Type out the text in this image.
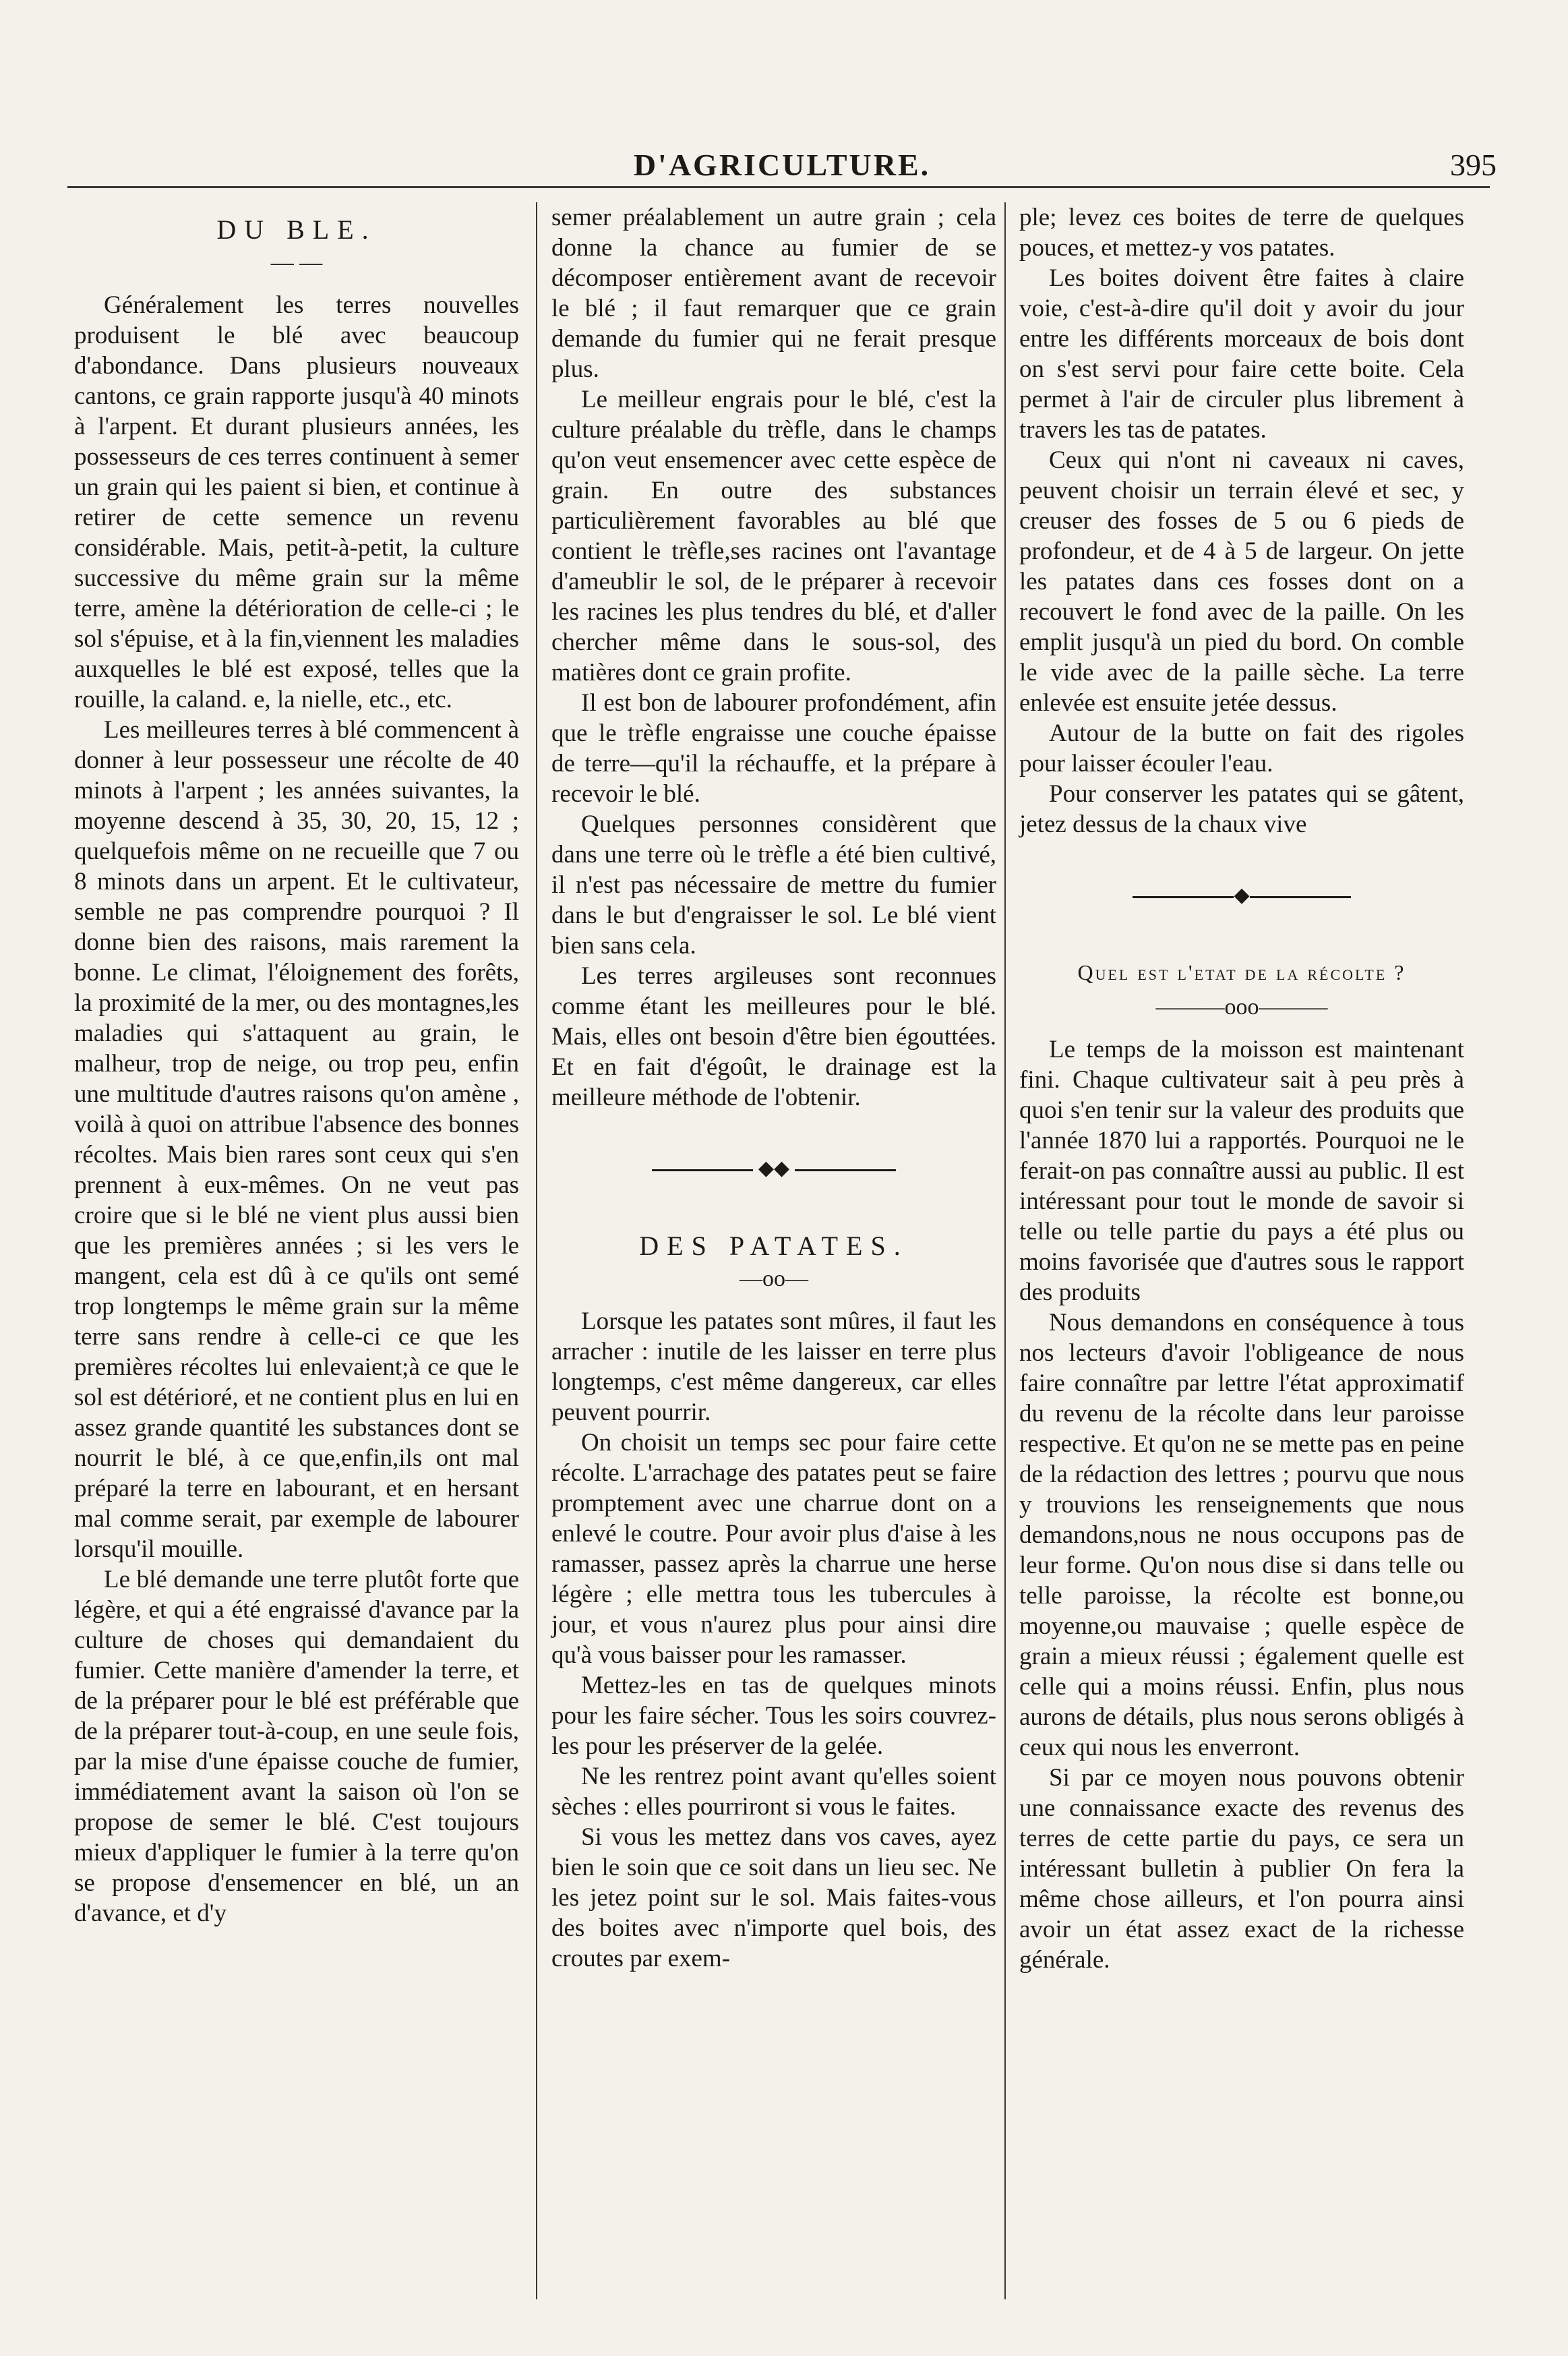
D'AGRICULTURE.	395
DU BLE.
— —

Généralement les terres nouvelles produisent le blé avec beaucoup d'abondance. Dans plusieurs nouveaux cantons, ce grain rapporte jusqu'à 40 minots à l'arpent. Et durant plusieurs années, les possesseurs de ces terres continuent à semer un grain qui les paient si bien, et continue à retirer de cette semence un revenu considérable. Mais, petit-à-petit, la culture successive du même grain sur la même terre, amène la détérioration de celle-ci ; le sol s'épuise, et à la fin,viennent les maladies auxquelles le blé est exposé, telles que la rouille, la caland. e, la nielle, etc., etc.

Les meilleures terres à blé commencent à donner à leur possesseur une récolte de 40 minots à l'arpent ; les années suivantes, la moyenne descend à 35, 30, 20, 15, 12 ; quelquefois même on ne recueille que 7 ou 8 minots dans un arpent. Et le cultivateur, semble ne pas comprendre pourquoi ? Il donne bien des raisons, mais rarement la bonne. Le climat, l'éloignement des forêts, la proximité de la mer, ou des montagnes,les maladies qui s'attaquent au grain, le malheur, trop de neige, ou trop peu, enfin une multitude d'autres raisons qu'on amène , voilà à quoi on attribue l'absence des bonnes récoltes. Mais bien rares sont ceux qui s'en prennent à eux-mêmes. On ne veut pas croire que si le blé ne vient plus aussi bien que les premières années ; si les vers le mangent, cela est dû à ce qu'ils ont semé trop longtemps le même grain sur la même terre sans rendre à celle-ci ce que les premières récoltes lui enlevaient;à ce que le sol est détérioré, et ne contient plus en lui en assez grande quantité les substances dont se nourrit le blé, à ce que,enfin,ils ont mal préparé la terre en labourant, et en hersant mal comme serait, par exemple de labourer lorsqu'il mouille.

Le blé demande une terre plutôt forte que légère, et qui a été engraissé d'avance par la culture de choses qui demandaient du fumier. Cette manière d'amender la terre, et de la préparer pour le blé est préférable que de la préparer tout-à-coup, en une seule fois, par la mise d'une épaisse couche de fumier, immédiatement avant la saison où l'on se propose de semer le blé. C'est toujours mieux d'appliquer le fumier à la terre qu'on se propose d'ensemencer en blé, un an d'avance, et d'y

semer préalablement un autre grain ; cela donne la chance au fumier de se décomposer entièrement avant de recevoir le blé ; il faut remarquer que ce grain demande du fumier qui ne ferait presque plus.

Le meilleur engrais pour le blé, c'est la culture préalable du trèfle, dans le champs qu'on veut ensemencer avec cette espèce de grain. En outre des substances particulièrement favorables au blé que contient le trèfle,ses racines ont l'avantage d'ameublir le sol, de le préparer à recevoir les racines les plus tendres du blé, et d'aller chercher même dans le sous-sol, des matières dont ce grain profite.

Il est bon de labourer profondément, afin que le trèfle engraisse une couche épaisse de terre—qu'il la réchauffe, et la prépare à recevoir le blé.

Quelques personnes considèrent que dans une terre où le trèfle a été bien cultivé, il n'est pas nécessaire de mettre du fumier dans le but d'engraisser le sol. Le blé vient bien sans cela.

Les terres argileuses sont reconnues comme étant les meilleures pour le blé. Mais, elles ont besoin d'être bien égouttées. Et en fait d'égoût, le drainage est la meilleure méthode de l'obtenir.

◆◆
DES PATATES.
—oo—

Lorsque les patates sont mûres, il faut les arracher : inutile de les laisser en terre plus longtemps, c'est même dangereux, car elles peuvent pourrir.

On choisit un temps sec pour faire cette récolte. L'arrachage des patates peut se faire promptement avec une charrue dont on a enlevé le coutre. Pour avoir plus d'aise à les ramasser, passez après la charrue une herse légère ; elle mettra tous les tubercules à jour, et vous n'aurez plus pour ainsi dire qu'à vous baisser pour les ramasser.

Mettez-les en tas de quelques minots pour les faire sécher. Tous les soirs couvrez-les pour les préserver de la gelée.

Ne les rentrez point avant qu'elles soient sèches : elles pourriront si vous le faites.

Si vous les mettez dans vos caves, ayez bien le soin que ce soit dans un lieu sec. Ne les jetez point sur le sol. Mais faites-vous des boites avec n'importe quel bois, des croutes par exem-

ple; levez ces boites de terre de quelques pouces, et mettez-y vos patates.

Les boites doivent être faites à claire voie, c'est-à-dire qu'il doit y avoir du jour entre les différents morceaux de bois dont on s'est servi pour faire cette boite. Cela permet à l'air de circuler plus librement à travers les tas de patates.

Ceux qui n'ont ni caveaux ni caves, peuvent choisir un terrain élevé et sec, y creuser des fosses de 5 ou 6 pieds de profondeur, et de 4 à 5 de largeur. On jette les patates dans ces fosses dont on a recouvert le fond avec de la paille. On les emplit jusqu'à un pied du bord. On comble le vide avec de la paille sèche. La terre enlevée est ensuite jetée dessus.

Autour de la butte on fait des rigoles pour laisser écouler l'eau.

Pour conserver les patates qui se gâtent, jetez dessus de la chaux vive

◆
Quel est l'etat de la récolte ?
———ooo———

Le temps de la moisson est maintenant fini. Chaque cultivateur sait à peu près à quoi s'en tenir sur la valeur des produits que l'année 1870 lui a rapportés. Pourquoi ne le ferait-on pas connaître aussi au public. Il est intéressant pour tout le monde de savoir si telle ou telle partie du pays a été plus ou moins favorisée que d'autres sous le rapport des produits

Nous demandons en conséquence à tous nos lecteurs d'avoir l'obligeance de nous faire connaître par lettre l'état approximatif du revenu de la récolte dans leur paroisse respective. Et qu'on ne se mette pas en peine de la rédaction des lettres ; pourvu que nous y trouvions les renseignements que nous demandons,nous ne nous occupons pas de leur forme. Qu'on nous dise si dans telle ou telle paroisse, la récolte est bonne,ou moyenne,ou mauvaise ; quelle espèce de grain a mieux réussi ; également quelle est celle qui a moins réussi. Enfin, plus nous aurons de détails, plus nous serons obligés à ceux qui nous les enverront.

Si par ce moyen nous pouvons obtenir une connaissance exacte des revenus des terres de cette partie du pays, ce sera un intéressant bulletin à publier On fera la même chose ailleurs, et l'on pourra ainsi avoir un état assez exact de la richesse générale.
